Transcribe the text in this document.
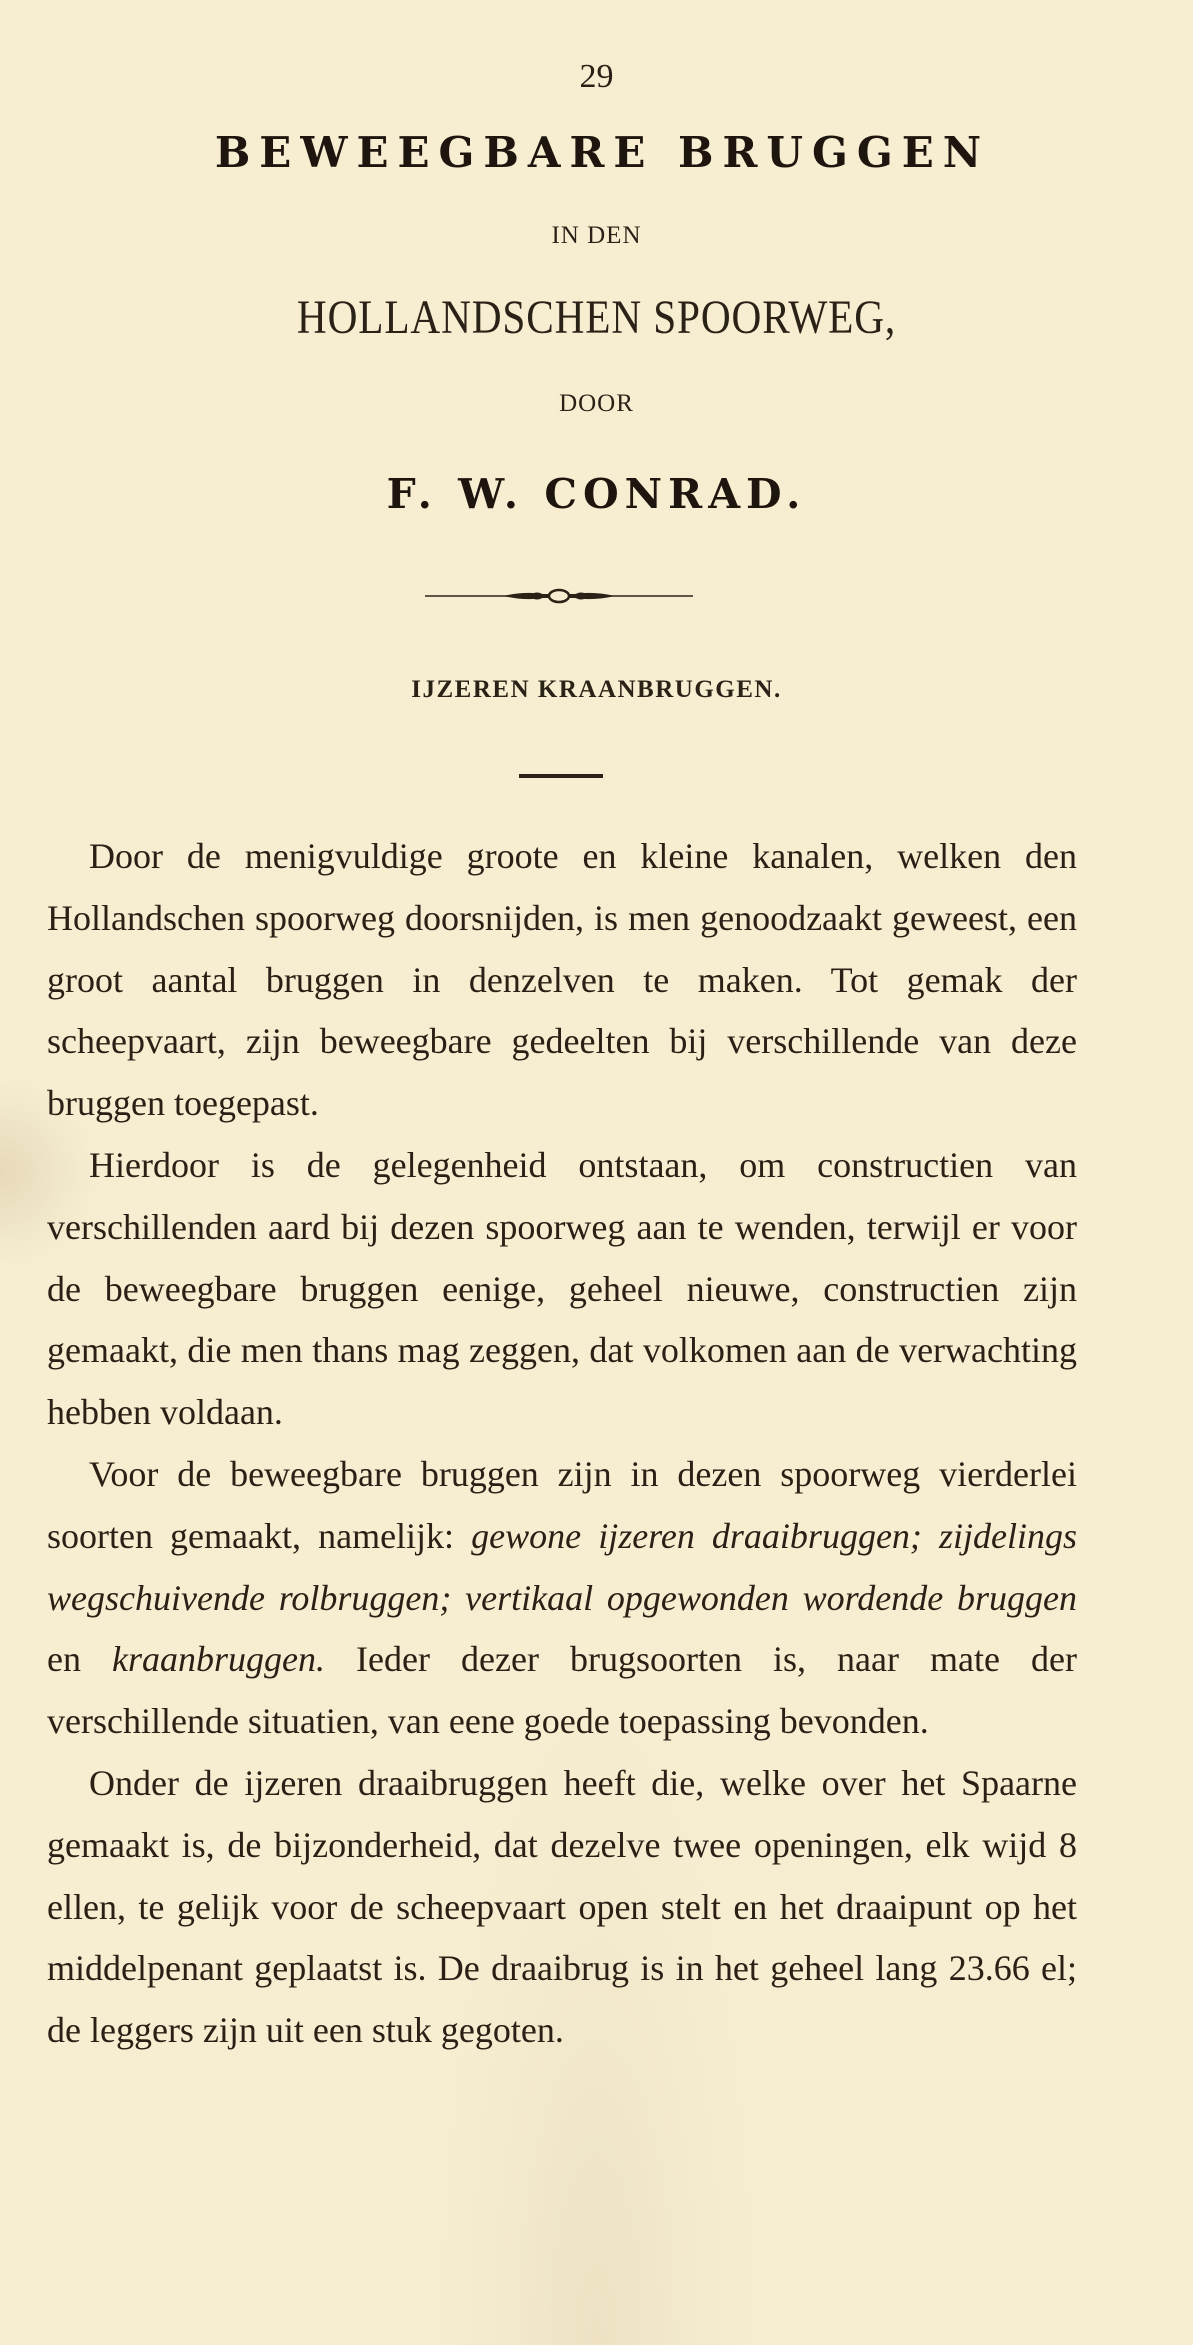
29
BEWEEGBARE BRUGGEN
IN DEN
HOLLANDSCHEN SPOORWEG,
DOOR
F. W. CONRAD.
IJZEREN KRAANBRUGGEN.

Door de menigvuldige groote en kleine kanalen, welken den Hollandschen spoorweg doorsnijden, is men genoodzaakt geweest, een groot aantal bruggen in denzelven te maken. Tot gemak der scheepvaart, zijn beweegbare gedeelten bij verschillende van deze bruggen toegepast.

Hierdoor is de gelegenheid ontstaan, om constructien van verschillenden aard bij dezen spoorweg aan te wenden, terwijl er voor de beweegbare bruggen eenige, geheel nieuwe, constructien zijn gemaakt, die men thans mag zeggen, dat volkomen aan de verwachting hebben voldaan.

Voor de beweegbare bruggen zijn in dezen spoorweg vierderlei soorten gemaakt, namelijk: gewone ijzeren draaibruggen; zijdelings wegschuivende rolbruggen; vertikaal opgewonden wordende bruggen en kraanbruggen. Ieder dezer brugsoorten is, naar mate der verschillende situatien, van eene goede toepassing bevonden.

Onder de ijzeren draaibruggen heeft die, welke over het Spaarne gemaakt is, de bijzonderheid, dat dezelve twee openingen, elk wijd 8 ellen, te gelijk voor de scheepvaart open stelt en het draaipunt op het middelpenant geplaatst is. De draaibrug is in het geheel lang 23.66 el; de leggers zijn uit een stuk gegoten.
